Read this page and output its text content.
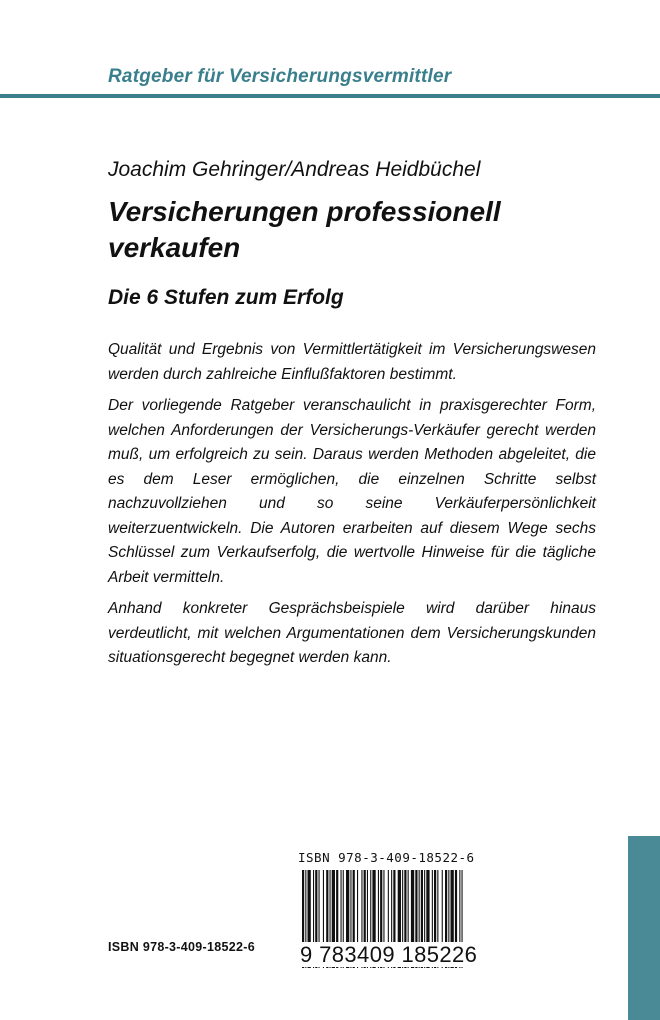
Ratgeber für Versicherungsvermittler
Joachim Gehringer/Andreas Heidbüchel
Versicherungen professionell
verkaufen
Die 6 Stufen zum Erfolg

Qualität und Ergebnis von Vermittlertätigkeit im Versicherungswesen werden durch zahlreiche Einflußfaktoren bestimmt.

Der vorliegende Ratgeber veranschaulicht in praxisgerechter Form, welchen Anforderungen der Versicherungs-Verkäufer gerecht werden muß, um erfolgreich zu sein. Daraus werden Methoden abgeleitet, die es dem Leser ermöglichen, die einzelnen Schritte selbst nachzuvollziehen und so seine Verkäuferpersönlichkeit weiterzuentwickeln. Die Autoren erarbeiten auf diesem Wege sechs Schlüssel zum Verkaufserfolg, die wertvolle Hinweise für die tägliche Arbeit vermitteln.

Anhand konkreter Gesprächsbeispiele wird darüber hinaus verdeutlicht, mit welchen Argumentationen dem Versicherungskunden situationsgerecht begegnet werden kann.

ISBN 978-3-409-18522-6
9 783409 185226
ISBN 978-3-409-18522-6
